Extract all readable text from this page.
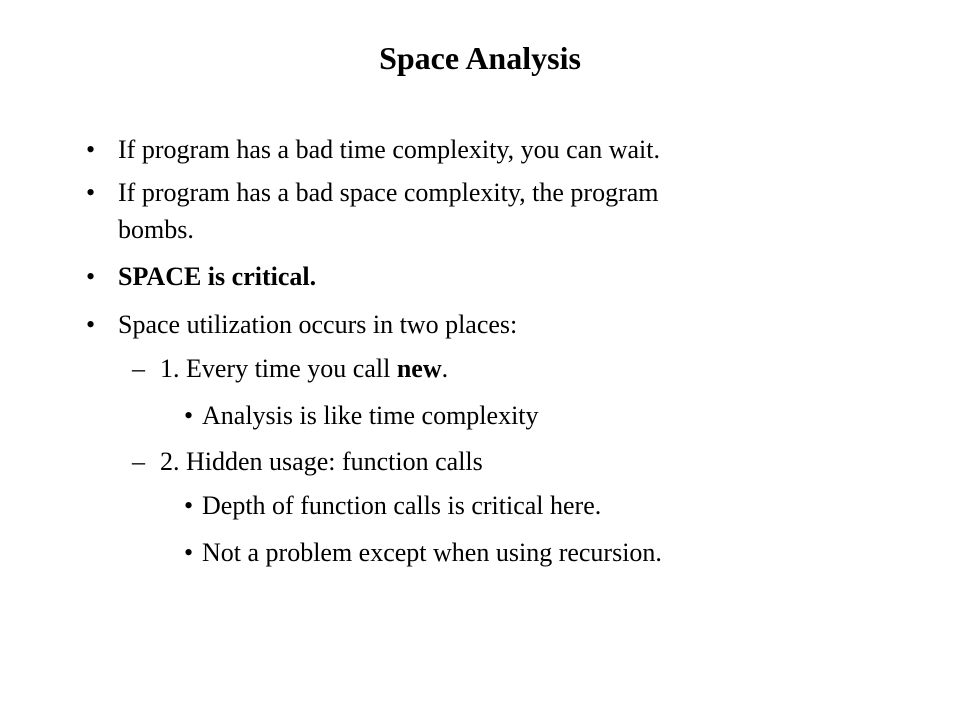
Space Analysis
• If program has a bad time complexity, you can wait.
• If program has a bad space complexity, the program
bombs.
• SPACE is critical.
• Space utilization occurs in two places:
– 1. Every time you call new.
• Analysis is like time complexity
– 2. Hidden usage: function calls
• Depth of function calls is critical here.
• Not a problem except when using recursion.
